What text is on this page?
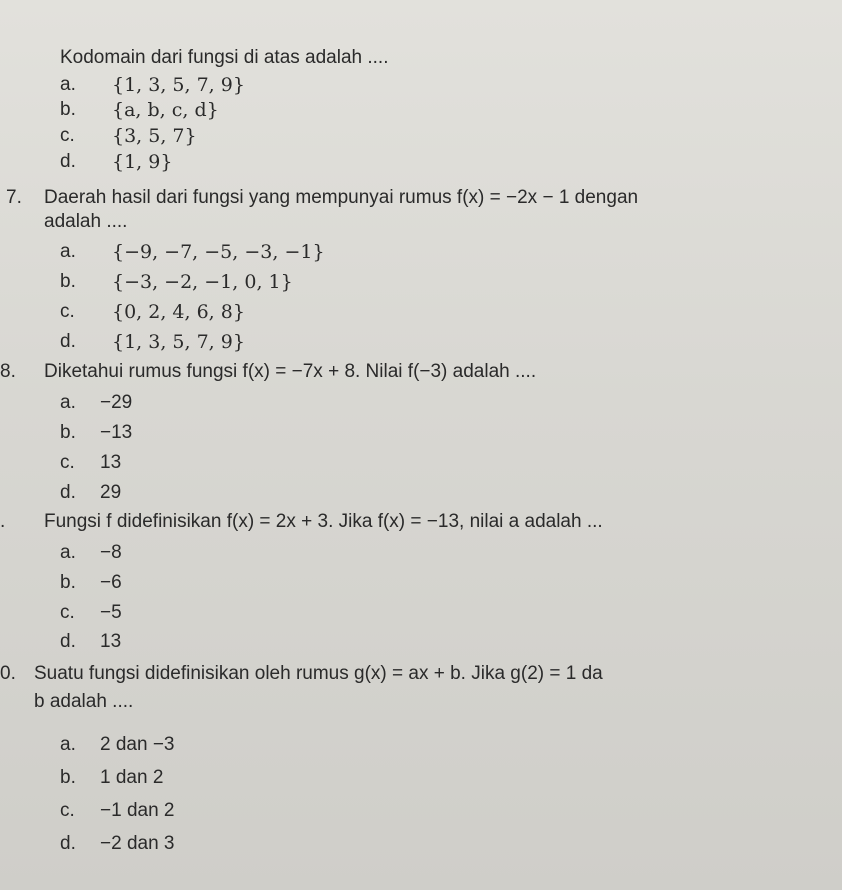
Kodomain dari fungsi di atas adalah ....
a. {1, 3, 5, 7, 9}
b. {a, b, c, d}
c. {3, 5, 7}
d. {1, 9}
7. Daerah hasil dari fungsi yang mempunyai rumus f(x) = −2x − 1 dengan
adalah ....
a. {−9, −7, −5, −3, −1}
b. {−3, −2, −1, 0, 1}
c. {0, 2, 4, 6, 8}
d. {1, 3, 5, 7, 9}
8. Diketahui rumus fungsi f(x) = −7x + 8. Nilai f(−3) adalah ....
a. −29
b. −13
c. 13
d. 29
. Fungsi f didefinisikan f(x) = 2x + 3. Jika f(x) = −13, nilai a adalah ...
a. −8
b. −6
c. −5
d. 13
0. Suatu fungsi didefinisikan oleh rumus g(x) = ax + b. Jika g(2) = 1 da
b adalah ....
a. 2 dan −3
b. 1 dan 2
c. −1 dan 2
d. −2 dan 3
